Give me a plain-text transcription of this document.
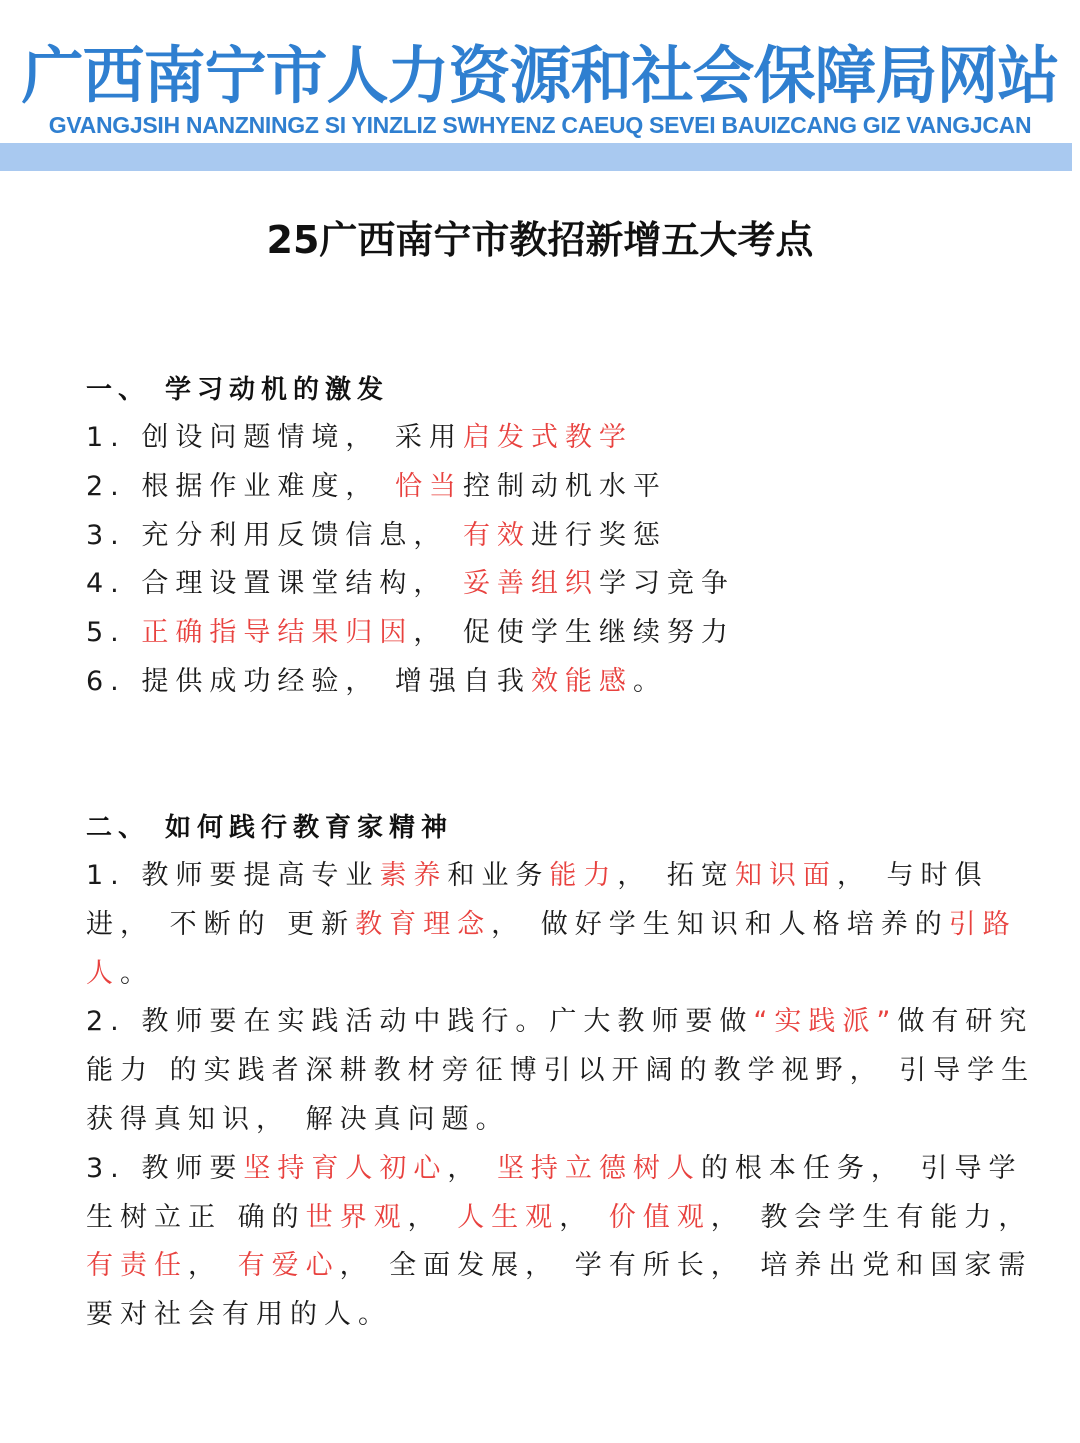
广西南宁市人力资源和社会保障局网站
GVANGJSIH NANZNINGZ SI YINZLIZ SWHYENZ CAEUQ SEVEI BAUIZCANG GIZ VANGJCAN
25广西南宁市教招新增五大考点
一、 学习动机的激发

1. 创设问题情境， 采用启发式教学

2. 根据作业难度， 恰当控制动机水平

3. 充分利用反馈信息， 有效进行奖惩

4. 合理设置课堂结构， 妥善组织学习竞争

5. 正确指导结果归因， 促使学生继续努力

6. 提供成功经验， 增强自我效能感。

二、 如何践行教育家精神

1. 教师要提高专业素养和业务能力， 拓宽知识面， 与时俱进， 不断的 更新教育理念， 做好学生知识和人格培养的引路人。

2. 教师要在实践活动中践行。广大教师要做“实践派”做有研究能力 的实践者深耕教材旁征博引以开阔的教学视野， 引导学生获得真知识， 解决真问题。

3. 教师要坚持育人初心， 坚持立德树人的根本任务， 引导学生树立正 确的世界观， 人生观， 价值观， 教会学生有能力， 有责任， 有爱心， 全面发展， 学有所长， 培养出党和国家需要对社会有用的人。
